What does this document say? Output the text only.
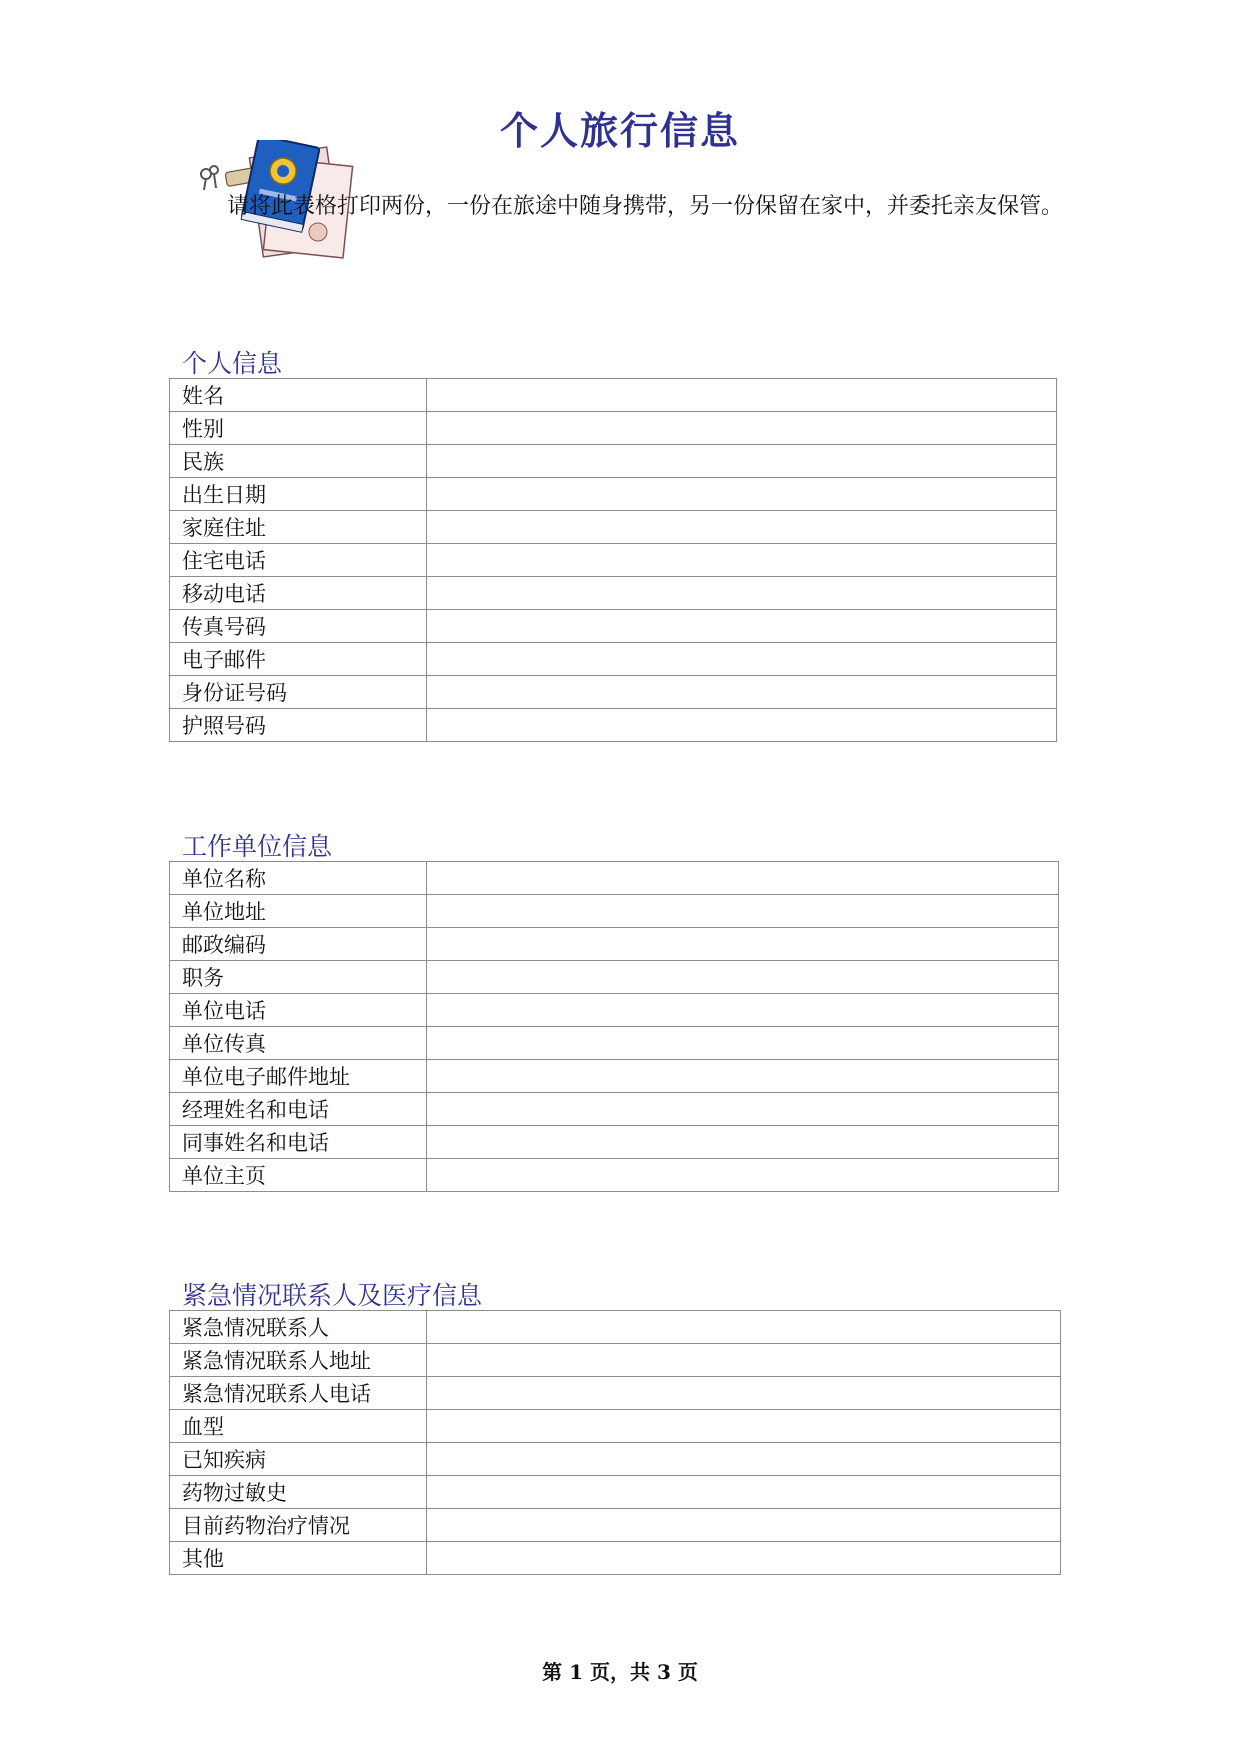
个人旅行信息
请将此表格打印两份，一份在旅途中随身携带，另一份保留在家中，并委托亲友保管。
个人信息
姓名	
性别	
民族	
出生日期	
家庭住址	
住宅电话	
移动电话	
传真号码	
电子邮件	
身份证号码	
护照号码	
工作单位信息
单位名称	
单位地址	
邮政编码	
职务	
单位电话	
单位传真	
单位电子邮件地址	
经理姓名和电话	
同事姓名和电话	
单位主页	
紧急情况联系人及医疗信息
紧急情况联系人	
紧急情况联系人地址	
紧急情况联系人电话	
血型	
已知疾病	
药物过敏史	
目前药物治疗情况	
其他	
第 1 页，共 3 页
